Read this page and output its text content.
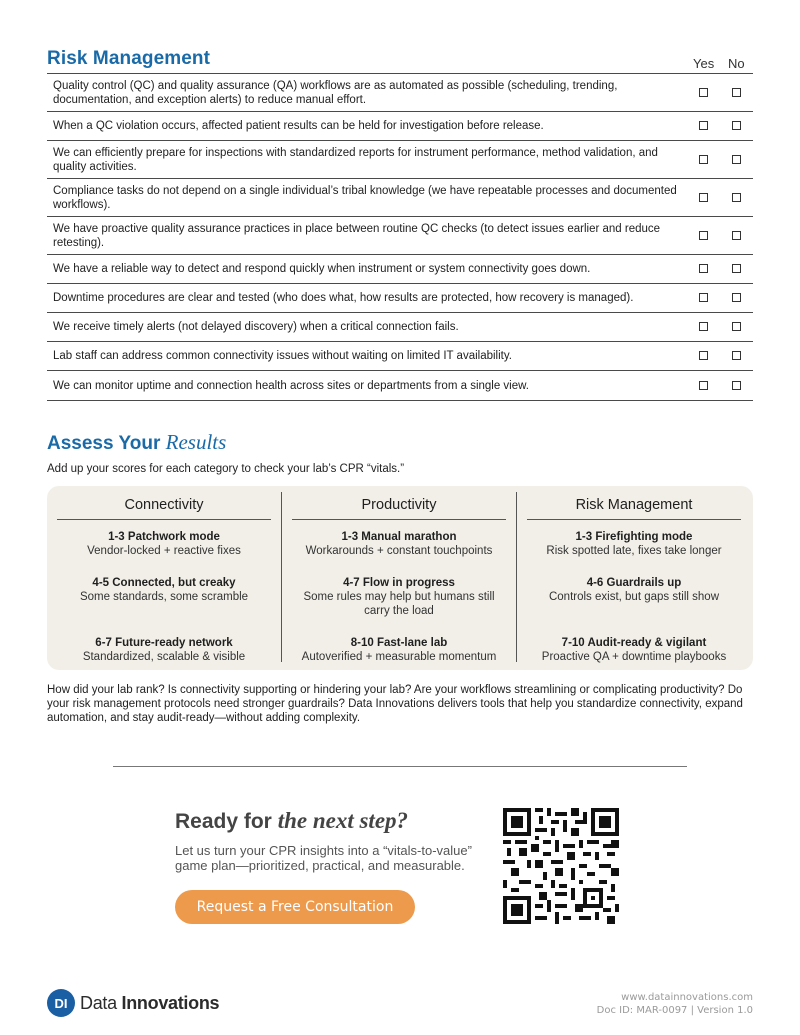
Risk Management	Yes No
Quality control (QC) and quality assurance (QA) workflows are as automated as possible (scheduling, trending, documentation, and exception alerts) to reduce manual effort.
When a QC violation occurs, affected patient results can be held for investigation before release.
We can efficiently prepare for inspections with standardized reports for instrument performance, method validation, and quality activities.
Compliance tasks do not depend on a single individual’s tribal knowledge (we have repeatable processes and documented workflows).
We have proactive quality assurance practices in place between routine QC checks (to detect issues earlier and reduce retesting).
We have a reliable way to detect and respond quickly when instrument or system connectivity goes down.
Downtime procedures are clear and tested (who does what, how results are protected, how recovery is managed).
We receive timely alerts (not delayed discovery) when a critical connection fails.
Lab staff can address common connectivity issues without waiting on limited IT availability.
We can monitor uptime and connection health across sites or departments from a single view.
Assess Your Results

Add up your scores for each category to check your lab’s CPR “vitals.”

Connectivity
1-3 Patchwork mode
Vendor-locked + reactive fixes
4-5 Connected, but creaky
Some standards, some scramble
6-7 Future-ready network
Standardized, scalable & visible
Productivity
1-3 Manual marathon
Workarounds + constant touchpoints
4-7 Flow in progress
Some rules may help but humans still carry the load
8-10 Fast-lane lab
Autoverified + measurable momentum
Risk Management
1-3 Firefighting mode
Risk spotted late, fixes take longer
4-6 Guardrails up
Controls exist, but gaps still show
7-10 Audit-ready & vigilant
Proactive QA + downtime playbooks

How did your lab rank? Is connectivity supporting or hindering your lab? Are your workflows streamlining or complicating productivity? Do your risk management protocols need stronger guardrails? Data Innovations delivers tools that help you standardize connectivity, expand automation, and stay audit-ready—without adding complexity.

Ready for the next step?

Let us turn your CPR insights into a “vitals-to-value” game plan—prioritized, practical, and measurable.

Request a Free Consultation
DI Data Innovations	www.datainnovations.com
Doc ID: MAR-0097 | Version 1.0
